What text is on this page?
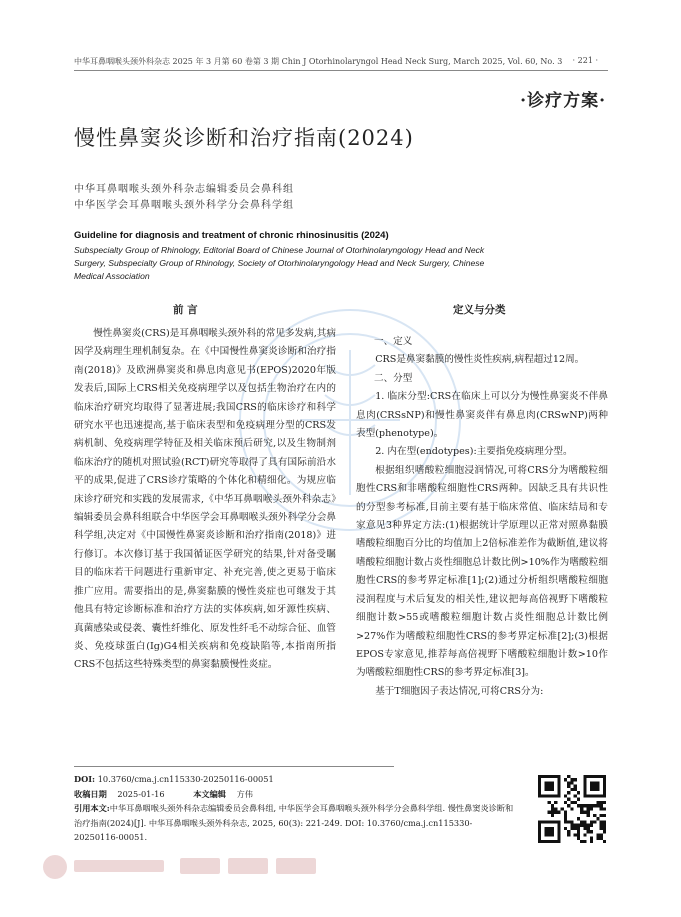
中华耳鼻咽喉头颈外科杂志 2025 年 3 月第 60 卷第 3 期 Chin J Otorhinolaryngol Head Neck Surg, March 2025, Vol. 60, No. 3 · 221 ·
·诊疗方案·
慢性鼻窦炎诊断和治疗指南(2024)
中华耳鼻咽喉头颈外科杂志编辑委员会鼻科组
中华医学会耳鼻咽喉头颈外科学分会鼻科学组
Guideline for diagnosis and treatment of chronic rhinosinusitis (2024)
Subspecialty Group of Rhinology, Editorial Board of Chinese Journal of Otorhinolaryngology Head and Neck Surgery, Subspecialty Group of Rhinology, Society of Otorhinolaryngology Head and Neck Surgery, Chinese Medical Association
前 言

慢性鼻窦炎(CRS)是耳鼻咽喉头颈外科的常见多发病,其病因学及病理生理机制复杂。在《中国慢性鼻窦炎诊断和治疗指南(2018)》及欧洲鼻窦炎和鼻息肉意见书(EPOS)2020年版发表后,国际上CRS相关免疫病理学以及包括生物治疗在内的临床治疗研究均取得了显著进展;我国CRS的临床诊疗和科学研究水平也迅速提高,基于临床表型和免疫病理分型的CRS发病机制、免疫病理学特征及相关临床预后研究,以及生物制剂临床治疗的随机对照试验(RCT)研究等取得了具有国际前沿水平的成果,促进了CRS诊疗策略的个体化和精细化。为规应临床诊疗研究和实践的发展需求,《中华耳鼻咽喉头颈外科杂志》编辑委员会鼻科组联合中华医学会耳鼻咽喉头颈外科学分会鼻科学组,决定对《中国慢性鼻窦炎诊断和治疗指南(2018)》进行修订。本次修订基于我国循证医学研究的结果,针对备受瞩目的临床若干问题进行重新审定、补充完善,使之更易于临床推广应用。需要指出的是,鼻窦黏膜的慢性炎症也可继发于其他具有特定诊断标准和治疗方法的实体疾病,如牙源性疾病、真菌感染或侵袭、囊性纤维化、原发性纤毛不动综合征、血管炎、免疫球蛋白(Ig)G4相关疾病和免疫缺陷等,本指南所指CRS不包括这些特殊类型的鼻窦黏膜慢性炎症。

定义与分类

一、定义

CRS是鼻窦黏膜的慢性炎性疾病,病程超过12周。

二、分型

1. 临床分型:CRS在临床上可以分为慢性鼻窦炎不伴鼻息肉(CRSsNP)和慢性鼻窦炎伴有鼻息肉(CRSwNP)两种表型(phenotype)。

2. 内在型(endotypes):主要指免疫病理分型。

根据组织嗜酸粒细胞浸润情况,可将CRS分为嗜酸粒细胞性CRS和非嗜酸粒细胞性CRS两种。因缺乏具有共识性的分型参考标准,目前主要有基于临床常值、临床结局和专家意见3种界定方法:(1)根据统计学原理以正常对照鼻黏膜嗜酸粒细胞百分比的均值加上2倍标准差作为截断值,建议将嗜酸粒细胞计数占炎性细胞总计数比例>10%作为嗜酸粒细胞性CRS的参考界定标准[1];(2)通过分析组织嗜酸粒细胞浸润程度与术后复发的相关性,建议把每高倍视野下嗜酸粒细胞计数>55或嗜酸粒细胞计数占炎性细胞总计数比例>27%作为嗜酸粒细胞性CRS的参考界定标准[2];(3)根据EPOS专家意见,推荐每高倍视野下嗜酸粒细胞计数>10作为嗜酸粒细胞性CRS的参考界定标准[3]。

基于T细胞因子表达情况,可将CRS分为:

DOI: 10.3760/cma.j.cn115330-20250116-00051
收稿日期 2025-01-16	本文编辑 方伟
引用本文:中华耳鼻咽喉头颈外科杂志编辑委员会鼻科组, 中华医学会耳鼻咽喉头颈外科学分会鼻科学组. 慢性鼻窦炎诊断和治疗指南(2024)[J]. 中华耳鼻咽喉头颈外科杂志, 2025, 60(3): 221-249. DOI: 10.3760/cma.j.cn115330-20250116-00051.
